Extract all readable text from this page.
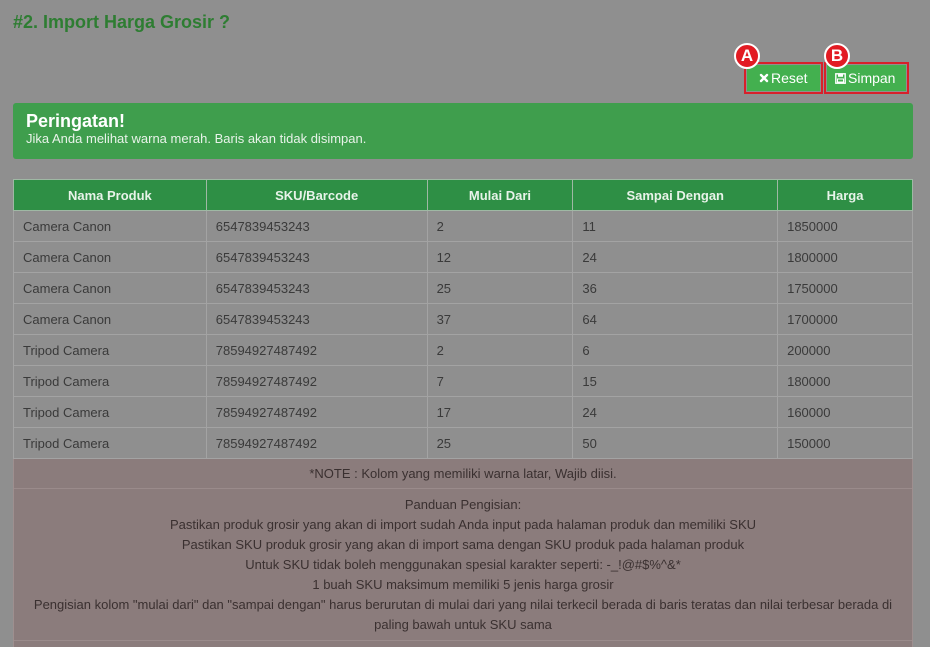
#2. Import Harga Grosir ?
Reset
A
Simpan
B
Peringatan!
Jika Anda melihat warna merah. Baris akan tidak disimpan.
Nama Produk	SKU/Barcode	Mulai Dari	Sampai Dengan	Harga
Camera Canon	6547839453243	2	11	1850000
Camera Canon	6547839453243	12	24	1800000
Camera Canon	6547839453243	25	36	1750000
Camera Canon	6547839453243	37	64	1700000
Tripod Camera	78594927487492	2	6	200000
Tripod Camera	78594927487492	7	15	180000
Tripod Camera	78594927487492	17	24	160000
Tripod Camera	78594927487492	25	50	150000
*NOTE : Kolom yang memiliki warna latar, Wajib diisi.
Panduan Pengisian:
Pastikan produk grosir yang akan di import sudah Anda input pada halaman produk dan memiliki SKU
Pastikan SKU produk grosir yang akan di import sama dengan SKU produk pada halaman produk
Untuk SKU tidak boleh menggunakan spesial karakter seperti: -_!@#$%^&*
1 buah SKU maksimum memiliki 5 jenis harga grosir
Pengisian kolom "mulai dari" dan "sampai dengan" harus berurutan di mulai dari yang nilai terkecil berada di baris teratas dan nilai terbesar berada di paling bawah untuk SKU sama
